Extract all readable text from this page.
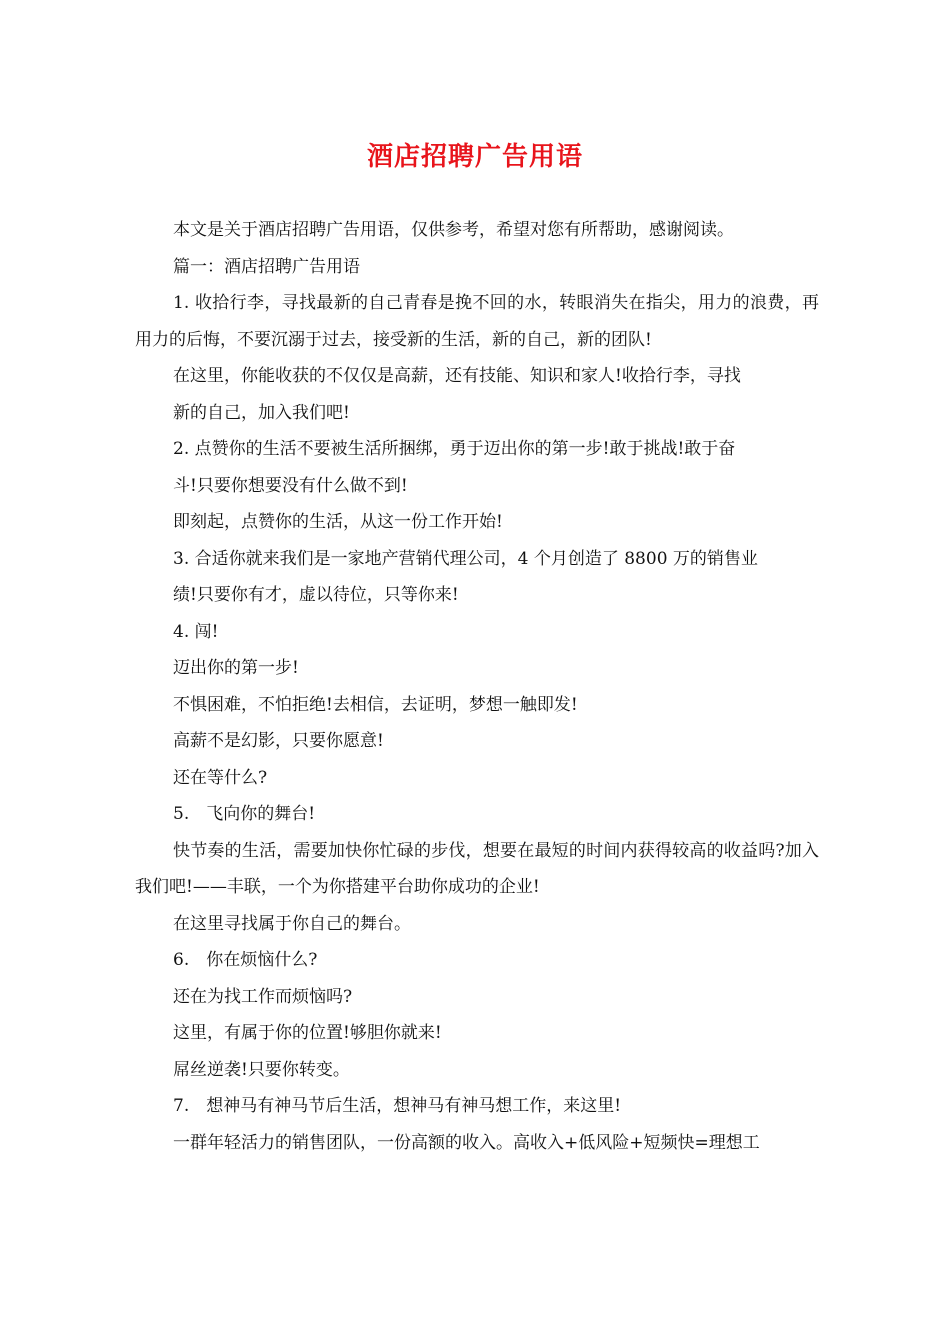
酒店招聘广告用语

本文是关于酒店招聘广告用语，仅供参考，希望对您有所帮助，感谢阅读。

篇一：酒店招聘广告用语

1. 收拾行李，寻找最新的自己青春是挽不回的水，转眼消失在指尖，用力的浪费，再用力的后悔，不要沉溺于过去，接受新的生活，新的自己，新的团队!

在这里，你能收获的不仅仅是高薪，还有技能、知识和家人!收拾行李，寻找

新的自己，加入我们吧!

2. 点赞你的生活不要被生活所捆绑，勇于迈出你的第一步!敢于挑战!敢于奋

斗!只要你想要没有什么做不到!

即刻起，点赞你的生活，从这一份工作开始!

3. 合适你就来我们是一家地产营销代理公司，4 个月创造了 8800 万的销售业

绩!只要你有才，虚以待位，只等你来!

4. 闯!

迈出你的第一步!

不惧困难，不怕拒绝!去相信，去证明，梦想一触即发!

高薪不是幻影，只要你愿意!

还在等什么?

5.　飞向你的舞台!

快节奏的生活，需要加快你忙碌的步伐，想要在最短的时间内获得较高的收益吗?加入我们吧!——丰联，一个为你搭建平台助你成功的企业!

在这里寻找属于你自己的舞台。

6.　你在烦恼什么?

还在为找工作而烦恼吗?

这里，有属于你的位置!够胆你就来!

屌丝逆袭!只要你转变。

7.　想神马有神马节后生活，想神马有神马想工作，来这里!

一群年轻活力的销售团队，一份高额的收入。高收入+低风险+短频快=理想工
